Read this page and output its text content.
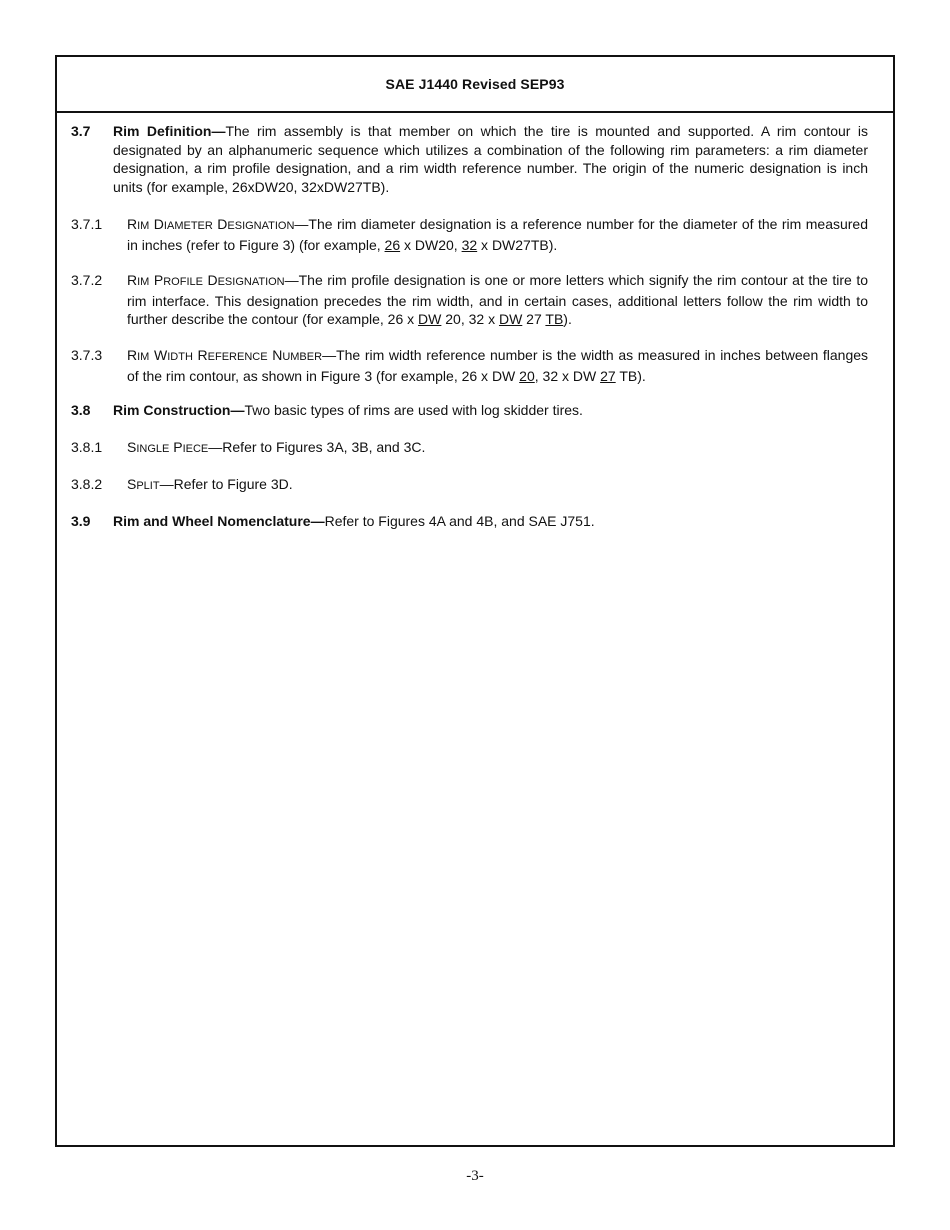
SAE J1440 Revised SEP93
3.7 Rim Definition—The rim assembly is that member on which the tire is mounted and supported. A rim contour is designated by an alphanumeric sequence which utilizes a combination of the following rim parameters: a rim diameter designation, a rim profile designation, and a rim width reference number. The origin of the numeric designation is inch units (for example, 26xDW20, 32xDW27TB).
3.7.1 RIM DIAMETER DESIGNATION—The rim diameter designation is a reference number for the diameter of the rim measured in inches (refer to Figure 3) (for example, 26 x DW20, 32 x DW27TB).
3.7.2 RIM PROFILE DESIGNATION—The rim profile designation is one or more letters which signify the rim contour at the tire to rim interface. This designation precedes the rim width, and in certain cases, additional letters follow the rim width to further describe the contour (for example, 26 x DW 20, 32 x DW 27 TB).
3.7.3 RIM WIDTH REFERENCE NUMBER—The rim width reference number is the width as measured in inches between flanges of the rim contour, as shown in Figure 3 (for example, 26 x DW 20, 32 x DW 27 TB).
3.8 Rim Construction—Two basic types of rims are used with log skidder tires.
3.8.1 SINGLE PIECE—Refer to Figures 3A, 3B, and 3C.
3.8.2 SPLIT—Refer to Figure 3D.
3.9 Rim and Wheel Nomenclature—Refer to Figures 4A and 4B, and SAE J751.
-3-
